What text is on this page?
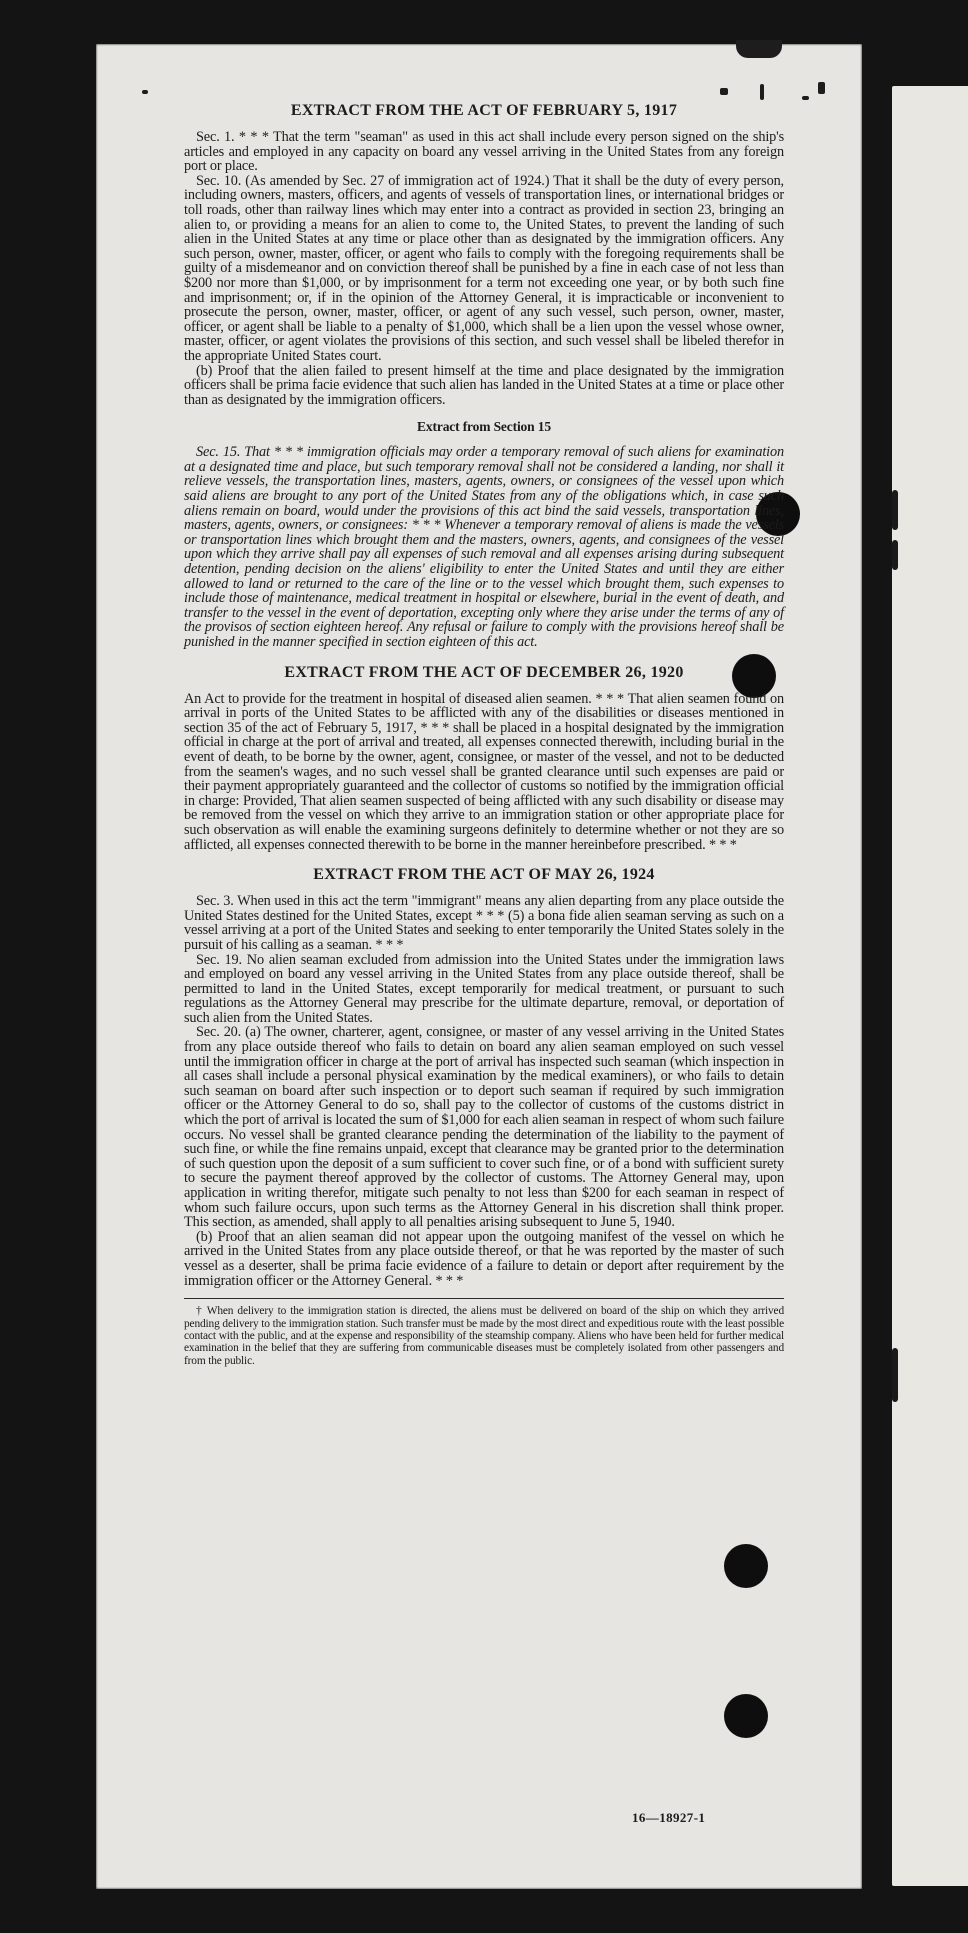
EXTRACT FROM THE ACT OF FEBRUARY 5, 1917

Sec. 1. * * * That the term "seaman" as used in this act shall include every person signed on the ship's articles and employed in any capacity on board any vessel arriving in the United States from any foreign port or place.

Sec. 10. (As amended by Sec. 27 of immigration act of 1924.) That it shall be the duty of every person, including owners, masters, officers, and agents of vessels of transportation lines, or international bridges or toll roads, other than railway lines which may enter into a contract as provided in section 23, bringing an alien to, or providing a means for an alien to come to, the United States, to prevent the landing of such alien in the United States at any time or place other than as designated by the immigration officers. Any such person, owner, master, officer, or agent who fails to comply with the foregoing requirements shall be guilty of a misdemeanor and on conviction thereof shall be punished by a fine in each case of not less than $200 nor more than $1,000, or by imprisonment for a term not exceeding one year, or by both such fine and imprisonment; or, if in the opinion of the Attorney General, it is impracticable or inconvenient to prosecute the person, owner, master, officer, or agent of any such vessel, such person, owner, master, officer, or agent shall be liable to a penalty of $1,000, which shall be a lien upon the vessel whose owner, master, officer, or agent violates the provisions of this section, and such vessel shall be libeled therefor in the appropriate United States court.

(b) Proof that the alien failed to present himself at the time and place designated by the immigration officers shall be prima facie evidence that such alien has landed in the United States at a time or place other than as designated by the immigration officers.

Extract from Section 15

Sec. 15. That * * * immigration officials may order a temporary removal of such aliens for examination at a designated time and place, but such temporary removal shall not be considered a landing, nor shall it relieve vessels, the transportation lines, masters, agents, owners, or consignees of the vessel upon which said aliens are brought to any port of the United States from any of the obligations which, in case such aliens remain on board, would under the provisions of this act bind the said vessels, transportation lines, masters, agents, owners, or consignees: * * * Whenever a temporary removal of aliens is made the vessels or transportation lines which brought them and the masters, owners, agents, and consignees of the vessel upon which they arrive shall pay all expenses of such removal and all expenses arising during subsequent detention, pending decision on the aliens' eligibility to enter the United States and until they are either allowed to land or returned to the care of the line or to the vessel which brought them, such expenses to include those of maintenance, medical treatment in hospital or elsewhere, burial in the event of death, and transfer to the vessel in the event of deportation, excepting only where they arise under the terms of any of the provisos of section eighteen hereof. Any refusal or failure to comply with the provisions hereof shall be punished in the manner specified in section eighteen of this act.

EXTRACT FROM THE ACT OF DECEMBER 26, 1920

An Act to provide for the treatment in hospital of diseased alien seamen. * * * That alien seamen found on arrival in ports of the United States to be afflicted with any of the disabilities or diseases mentioned in section 35 of the act of February 5, 1917, * * * shall be placed in a hospital designated by the immigration official in charge at the port of arrival and treated, all expenses connected therewith, including burial in the event of death, to be borne by the owner, agent, consignee, or master of the vessel, and not to be deducted from the seamen's wages, and no such vessel shall be granted clearance until such expenses are paid or their payment appropriately guaranteed and the collector of customs so notified by the immigration official in charge: Provided, That alien seamen suspected of being afflicted with any such disability or disease may be removed from the vessel on which they arrive to an immigration station or other appropriate place for such observation as will enable the examining surgeons definitely to determine whether or not they are so afflicted, all expenses connected therewith to be borne in the manner hereinbefore prescribed. * * *

EXTRACT FROM THE ACT OF MAY 26, 1924

Sec. 3. When used in this act the term "immigrant" means any alien departing from any place outside the United States destined for the United States, except * * * (5) a bona fide alien seaman serving as such on a vessel arriving at a port of the United States and seeking to enter temporarily the United States solely in the pursuit of his calling as a seaman. * * *

Sec. 19. No alien seaman excluded from admission into the United States under the immigration laws and employed on board any vessel arriving in the United States from any place outside thereof, shall be permitted to land in the United States, except temporarily for medical treatment, or pursuant to such regulations as the Attorney General may prescribe for the ultimate departure, removal, or deportation of such alien from the United States.

Sec. 20. (a) The owner, charterer, agent, consignee, or master of any vessel arriving in the United States from any place outside thereof who fails to detain on board any alien seaman employed on such vessel until the immigration officer in charge at the port of arrival has inspected such seaman (which inspection in all cases shall include a personal physical examination by the medical examiners), or who fails to detain such seaman on board after such inspection or to deport such seaman if required by such immigration officer or the Attorney General to do so, shall pay to the collector of customs of the customs district in which the port of arrival is located the sum of $1,000 for each alien seaman in respect of whom such failure occurs. No vessel shall be granted clearance pending the determination of the liability to the payment of such fine, or while the fine remains unpaid, except that clearance may be granted prior to the determination of such question upon the deposit of a sum sufficient to cover such fine, or of a bond with sufficient surety to secure the payment thereof approved by the collector of customs. The Attorney General may, upon application in writing therefor, mitigate such penalty to not less than $200 for each seaman in respect of whom such failure occurs, upon such terms as the Attorney General in his discretion shall think proper. This section, as amended, shall apply to all penalties arising subsequent to June 5, 1940.

(b) Proof that an alien seaman did not appear upon the outgoing manifest of the vessel on which he arrived in the United States from any place outside thereof, or that he was reported by the master of such vessel as a deserter, shall be prima facie evidence of a failure to detain or deport after requirement by the immigration officer or the Attorney General. * * *

† When delivery to the immigration station is directed, the aliens must be delivered on board of the ship on which they arrived pending delivery to the immigration station. Such transfer must be made by the most direct and expeditious route with the least possible contact with the public, and at the expense and responsibility of the steamship company. Aliens who have been held for further medical examination in the belief that they are suffering from communicable diseases must be completely isolated from other passengers and from the public.

16—18927-1
